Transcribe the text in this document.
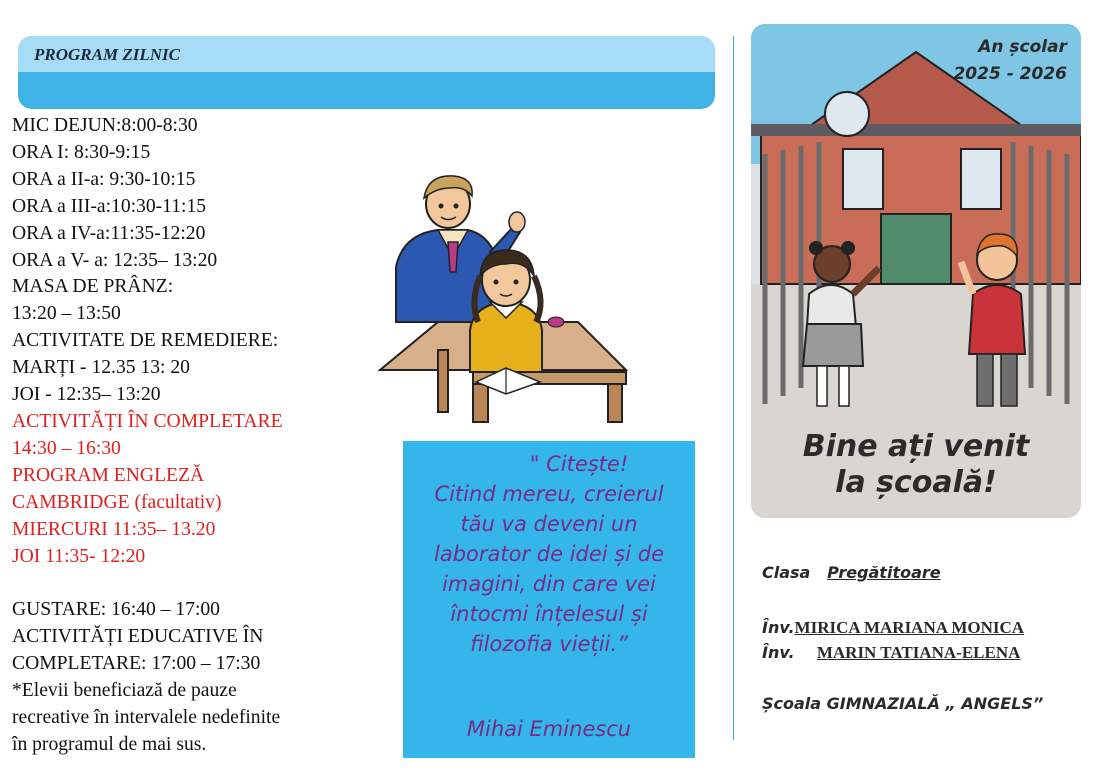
PROGRAM ZILNIC
MIC DEJUN:8:00-8:30
ORA I: 8:30-9:15
ORA a II-a: 9:30-10:15
ORA a III-a:10:30-11:15
ORA a IV-a:11:35-12:20
ORA a V- a: 12:35– 13:20
MASA DE PRÂNZ:
13:20 – 13:50
ACTIVITATE DE REMEDIERE:
MARȚI - 12.35 13: 20
JOI - 12:35– 13:20
ACTIVITĂȚI ÎN COMPLETARE
14:30 – 16:30
PROGRAM ENGLEZĂ
CAMBRIDGE (facultativ)
MIERCURI 11:35– 13.20
JOI 11:35- 12:20
GUSTARE: 16:40 – 17:00
ACTIVITĂȚI EDUCATIVE ÎN
COMPLETARE: 17:00 – 17:30
*Elevii beneficiază de pauze
recreative în intervalele nedefinite
în programul de mai sus.
" Citește!
Citind mereu, creierul
tău va deveni un
laborator de idei și de
imagini, din care vei
întocmi înțelesul și
filozofia vieții.”
Mihai Eminescu
An școlar
2025 - 2026
Bine ați venit
la școală!
Clasa Pregătitoare
Înv.MIRICA MARIANA MONICA
Înv. MARIN TATIANA-ELENA
Școala GIMNAZIALĂ „ ANGELS”
